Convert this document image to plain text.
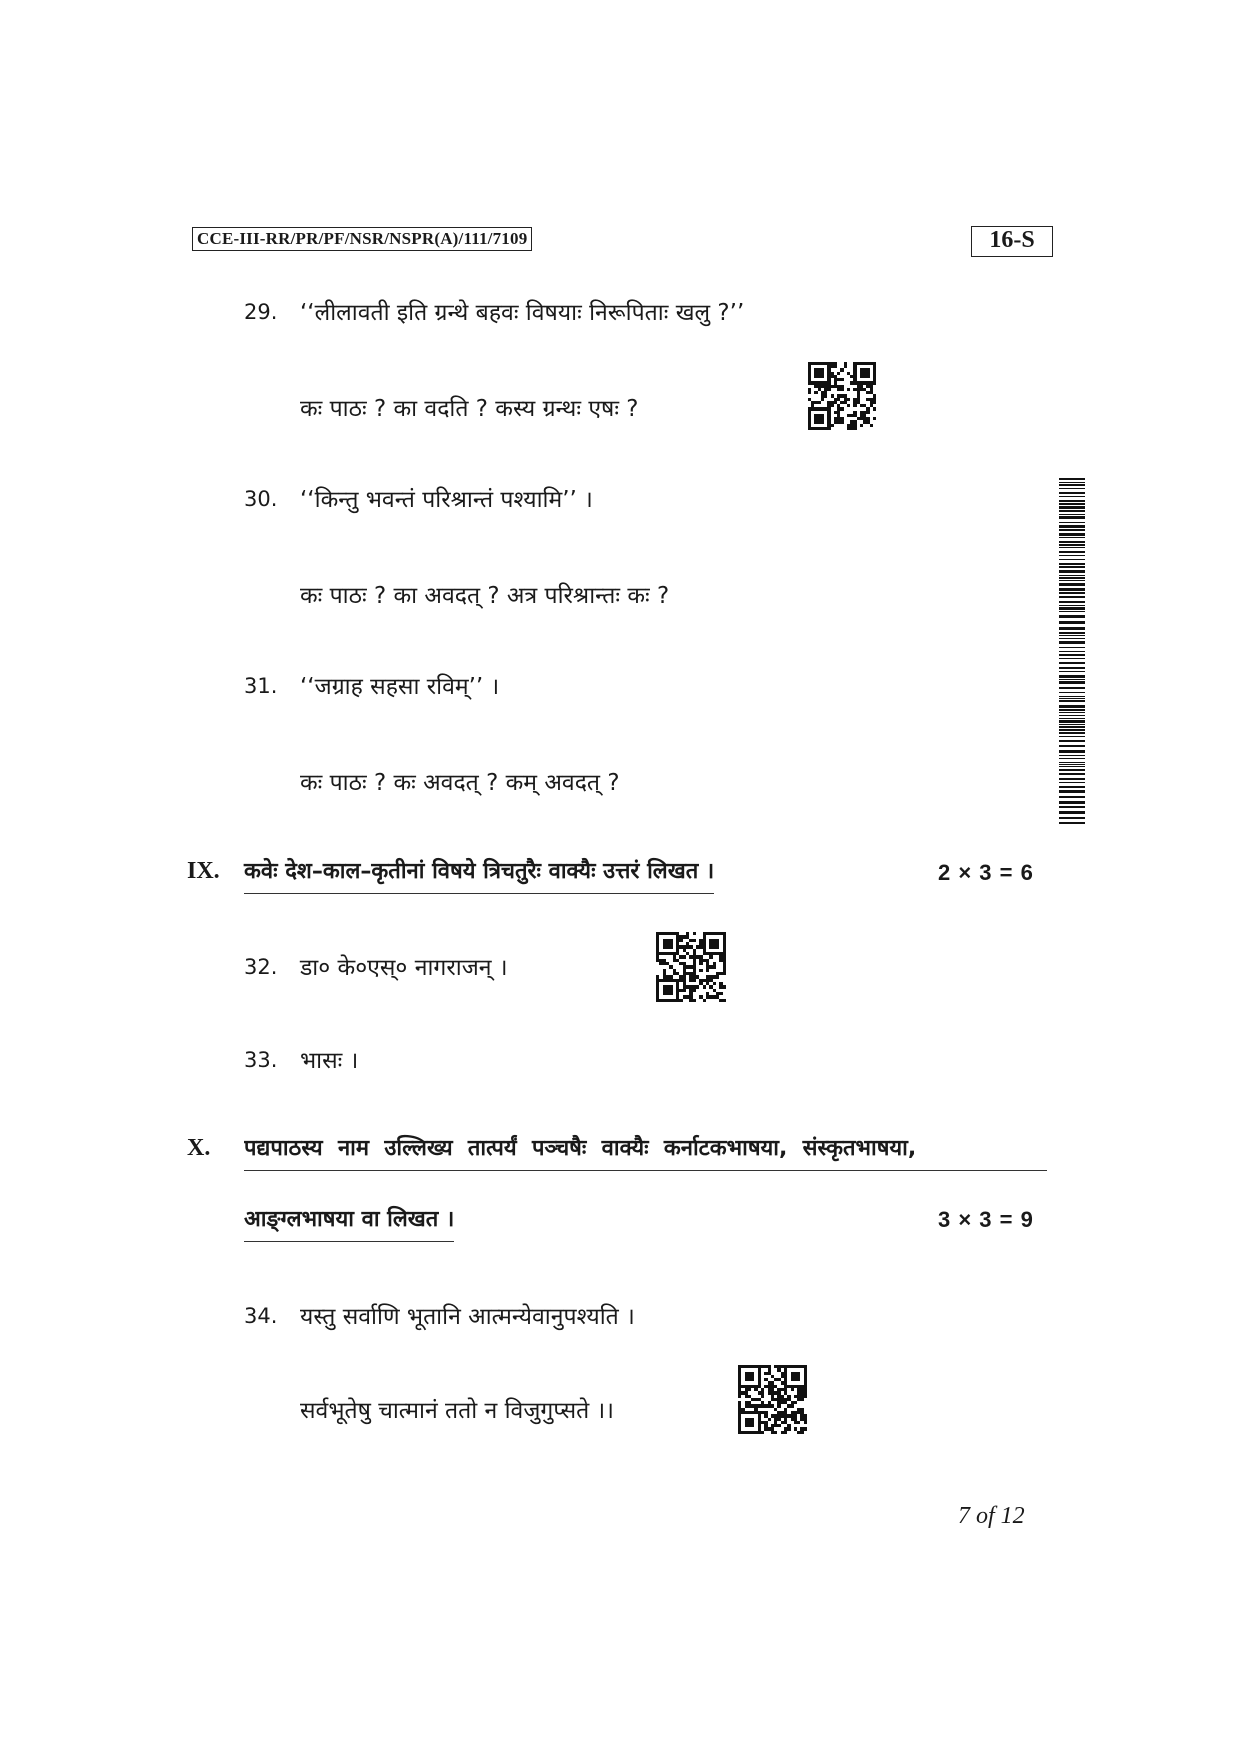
CCE-III-RR/PR/PF/NSR/NSPR(A)/111/7109	16-S
29. ‘‘लीलावती इति ग्रन्थे बहवः विषयाः निरूपिताः खलु ?’’
कः पाठः ? का वदति ? कस्य ग्रन्थः एषः ?
30. ‘‘किन्तु भवन्तं परिश्रान्तं पश्यामि’’ ।
कः पाठः ? का अवदत् ? अत्र परिश्रान्तः कः ?
31. ‘‘जग्राह सहसा रविम्’’ ।
कः पाठः ? कः अवदत् ? कम् अवदत् ?
IX. कवेः देश–काल–कृतीनां विषये त्रिचतुरैः वाक्यैः उत्तरं लिखत ।	2 × 3 = 6
32. डा० के०एस्० नागराजन् ।
33. भासः ।
X. पद्यपाठस्य  नाम  उल्लिख्य  तात्पर्यं  पञ्चषैः  वाक्यैः  कर्नाटकभाषया,  संस्कृतभाषया,
आङ्ग्लभाषया वा लिखत ।	3 × 3 = 9
34. यस्तु सर्वाणि भूतानि आत्मन्येवानुपश्यति ।
सर्वभूतेषु चात्मानं ततो न विजुगुप्सते ।।
7 of 12
